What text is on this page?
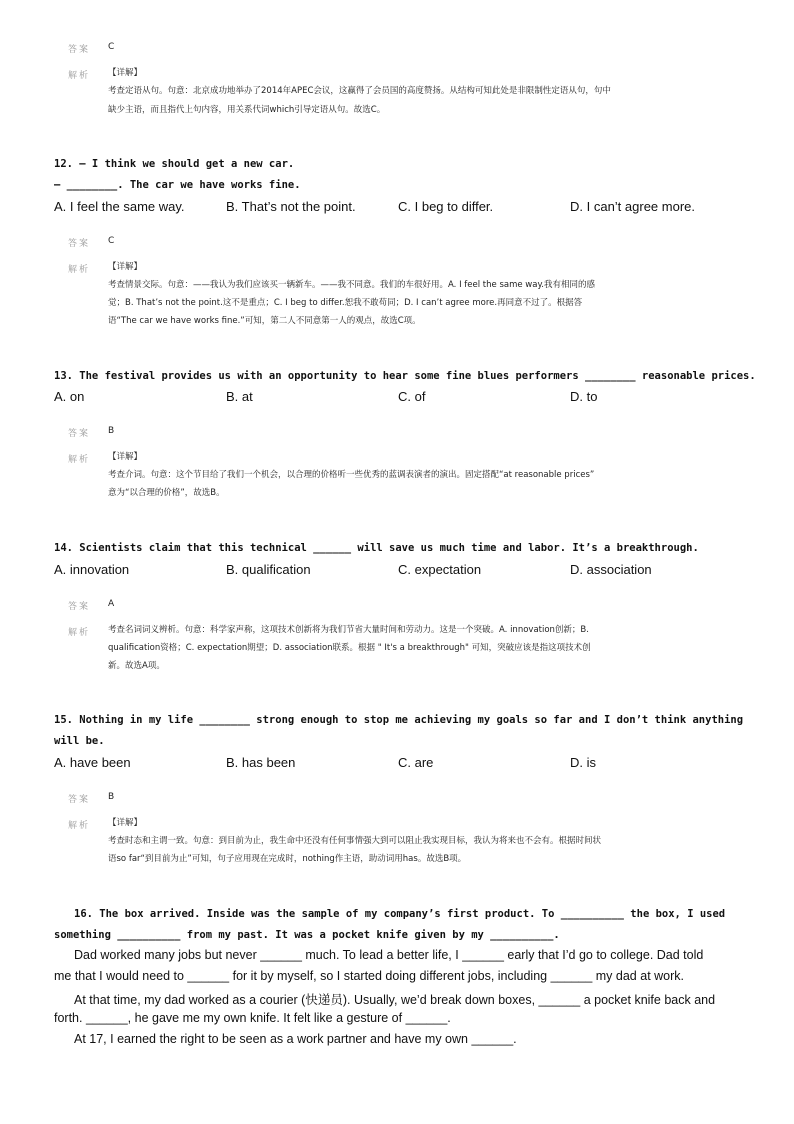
答案 C
解析 【详解】
考查定语从句。句意：北京成功地举办了2014年APEC会议，这赢得了会员国的高度赞扬。从结构可知此处是非限制性定语从句，句中
缺少主语，而且指代上句内容，用关系代词which引导定语从句。故选C。
12. — I think we should get a new car.
— ________. The car we have works fine.
A. I feel the same way.	B. That’s not the point.	C. I beg to differ.	D. I can’t agree more.
答案 C
解析 【详解】
考查情景交际。句意：——我认为我们应该买一辆新车。——我不同意。我们的车很好用。A. I feel the same way.我有相同的感
觉；B. That’s not the point.这不是重点；C. I beg to differ.恕我不敢苟同；D. I can’t agree more.再同意不过了。根据答
语“The car we have works fine.”可知，第二人不同意第一人的观点，故选C项。
13. The festival provides us with an opportunity to hear some fine blues performers ________ reasonable prices.
A. on	B. at	C. of	D. to
答案 B
解析 【详解】
考查介词。句意：这个节目给了我们一个机会，以合理的价格听一些优秀的蓝调表演者的演出。固定搭配“at reasonable prices”
意为“以合理的价格”，故选B。
14. Scientists claim that this technical ______ will save us much time and labor. It’s a breakthrough.
A. innovation	B. qualification	C. expectation	D. association
答案 A
解析 考查名词词义辨析。句意：科学家声称，这项技术创新将为我们节省大量时间和劳动力。这是一个突破。A. innovation创新；B.
qualification资格；C. expectation期望；D. association联系。根据 " It's a breakthrough" 可知，突破应该是指这项技术创
新。故选A项。
15. Nothing in my life ________ strong enough to stop me achieving my goals so far and I don’t think anything
will be.
A. have been	B. has been	C. are	D. is
答案 B
解析 【详解】
考查时态和主谓一致。句意：到目前为止，我生命中还没有任何事情强大到可以阻止我实现目标，我认为将来也不会有。根据时间状
语so far“到目前为止”可知，句子应用现在完成时，nothing作主语，助动词用has。故选B项。
16. The box arrived. Inside was the sample of my company’s first product. To __________ the box, I used
something __________ from my past. It was a pocket knife given by my __________.
Dad worked many jobs but never ______ much. To lead a better life, I ______ early that I’d go to college. Dad told
me that I would need to ______ for it by myself, so I started doing different jobs, including ______ my dad at work.
At that time, my dad worked as a courier (快递员). Usually, we’d break down boxes, ______ a pocket knife back and
forth. ______, he gave me my own knife. It felt like a gesture of ______.
At 17, I earned the right to be seen as a work partner and have my own ______.
